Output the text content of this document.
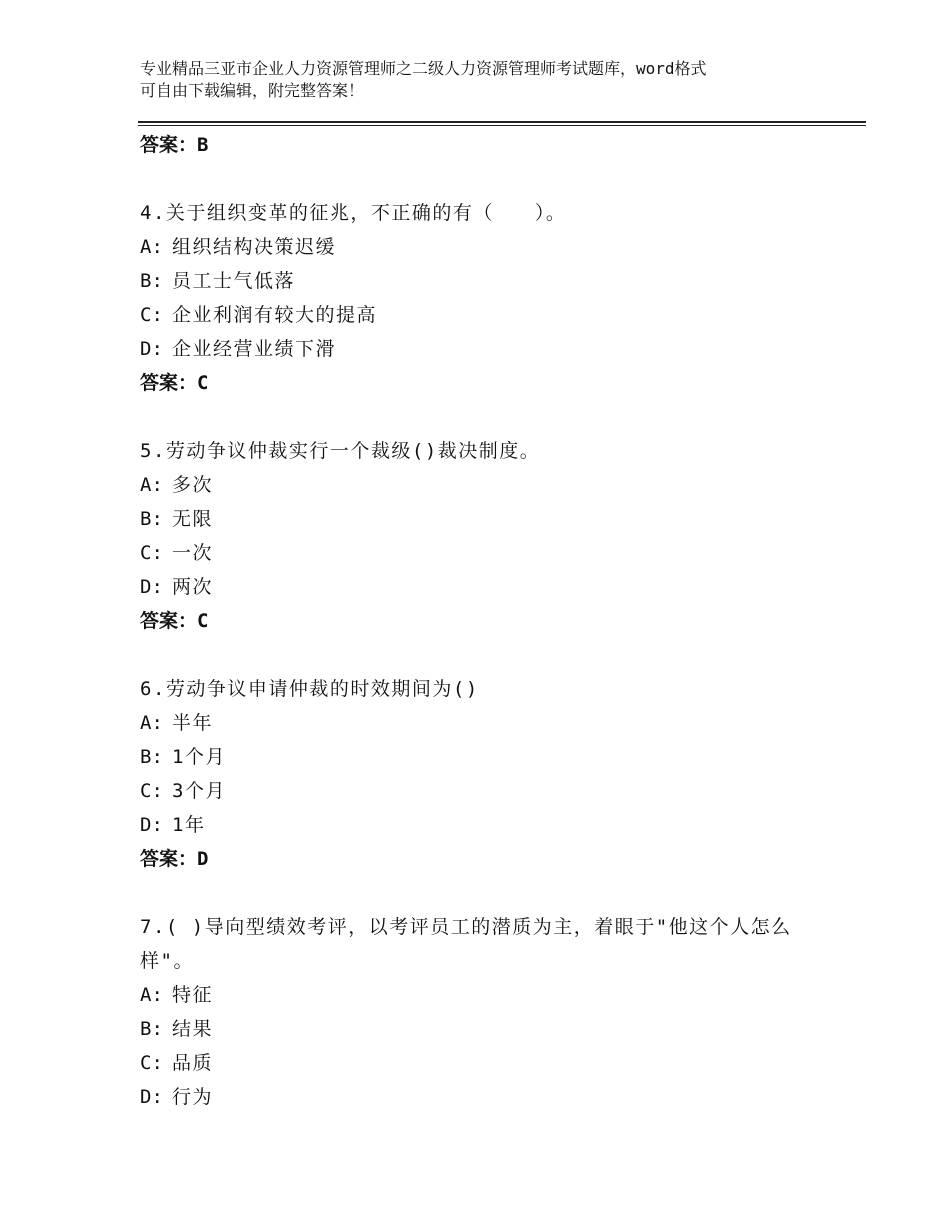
专业精品三亚市企业人力资源管理师之二级人力资源管理师考试题库，word格式
可自由下载编辑，附完整答案！
答案：B
4.关于组织变革的征兆，不正确的有（　　）。
A: 组织结构决策迟缓
B: 员工士气低落
C: 企业利润有较大的提高
D: 企业经营业绩下滑
答案：C
5.劳动争议仲裁实行一个裁级()裁决制度。
A: 多次
B: 无限
C: 一次
D: 两次
答案：C
6.劳动争议申请仲裁的时效期间为()
A: 半年
B: 1个月
C: 3个月
D: 1年
答案：D
7.( )导向型绩效考评，以考评员工的潜质为主，着眼于"他这个人怎么样"。
A: 特征
B: 结果
C: 品质
D: 行为
